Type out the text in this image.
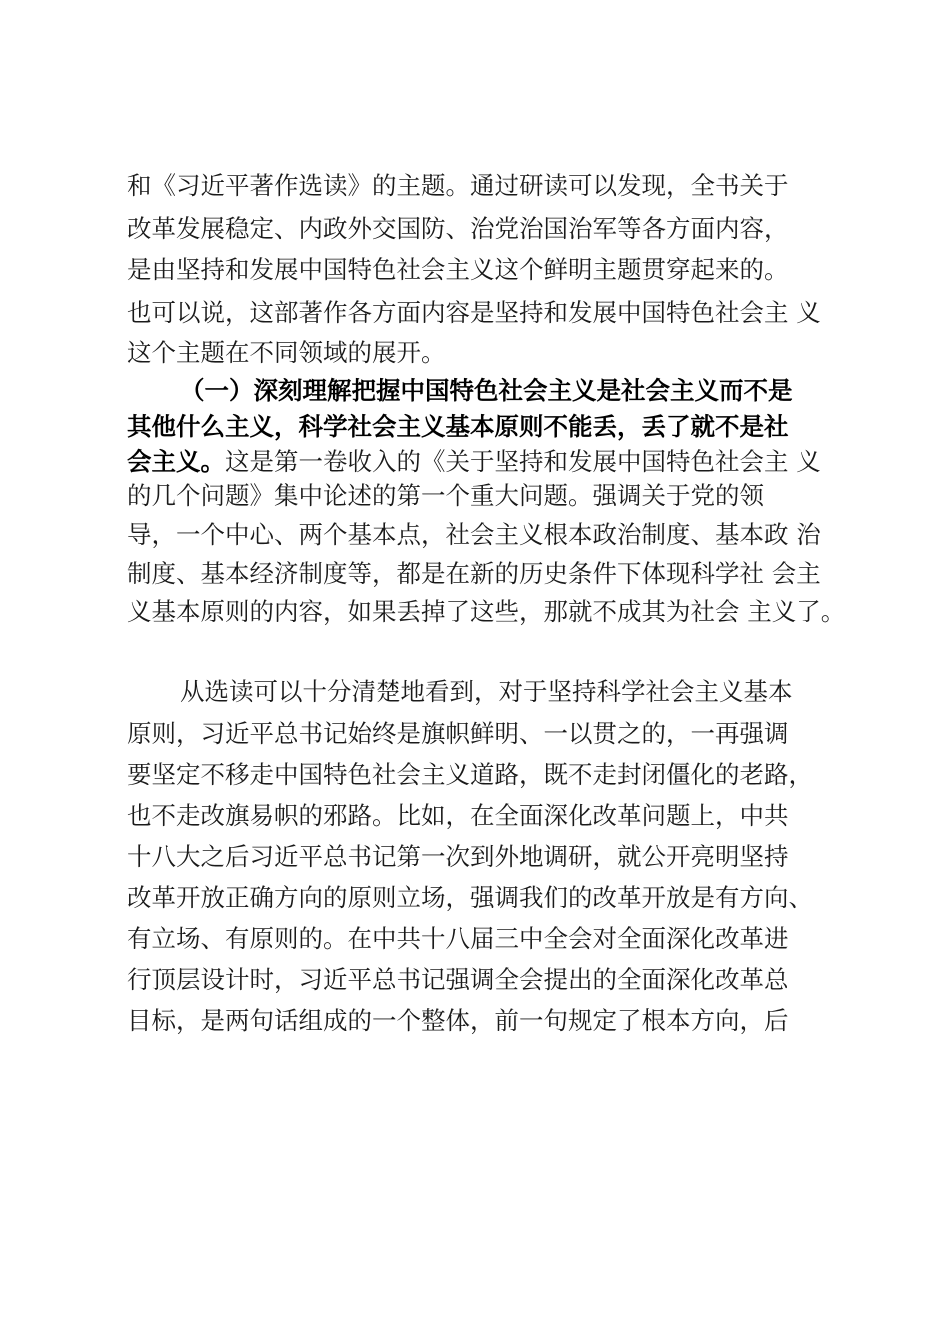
和《习近平著作选读》的主题。通过研读可以发现，全书关于
改革发展稳定、内政外交国防、治党治国治军等各方面内容，
是由坚持和发展中国特色社会主义这个鲜明主题贯穿起来的。
也可以说，这部著作各方面内容是坚持和发展中国特色社会主 义
这个主题在不同领域的展开。
（一）深刻理解把握中国特色社会主义是社会主义而不是
其他什么主义，科学社会主义基本原则不能丢，丢了就不是社
会主义。这是第一卷收入的《关于坚持和发展中国特色社会主 义
的几个问题》集中论述的第一个重大问题。强调关于党的领
导，一个中心、两个基本点，社会主义根本政治制度、基本政 治
制度、基本经济制度等，都是在新的历史条件下体现科学社 会主
义基本原则的内容，如果丢掉了这些，那就不成其为社会 主义了。
从选读可以十分清楚地看到，对于坚持科学社会主义基本
原则，习近平总书记始终是旗帜鲜明、一以贯之的，一再强调
要坚定不移走中国特色社会主义道路，既不走封闭僵化的老路，
也不走改旗易帜的邪路。比如，在全面深化改革问题上，中共
十八大之后习近平总书记第一次到外地调研，就公开亮明坚持
改革开放正确方向的原则立场，强调我们的改革开放是有方向、
有立场、有原则的。在中共十八届三中全会对全面深化改革进
行顶层设计时，习近平总书记强调全会提出的全面深化改革总
目标，是两句话组成的一个整体，前一句规定了根本方向，后
